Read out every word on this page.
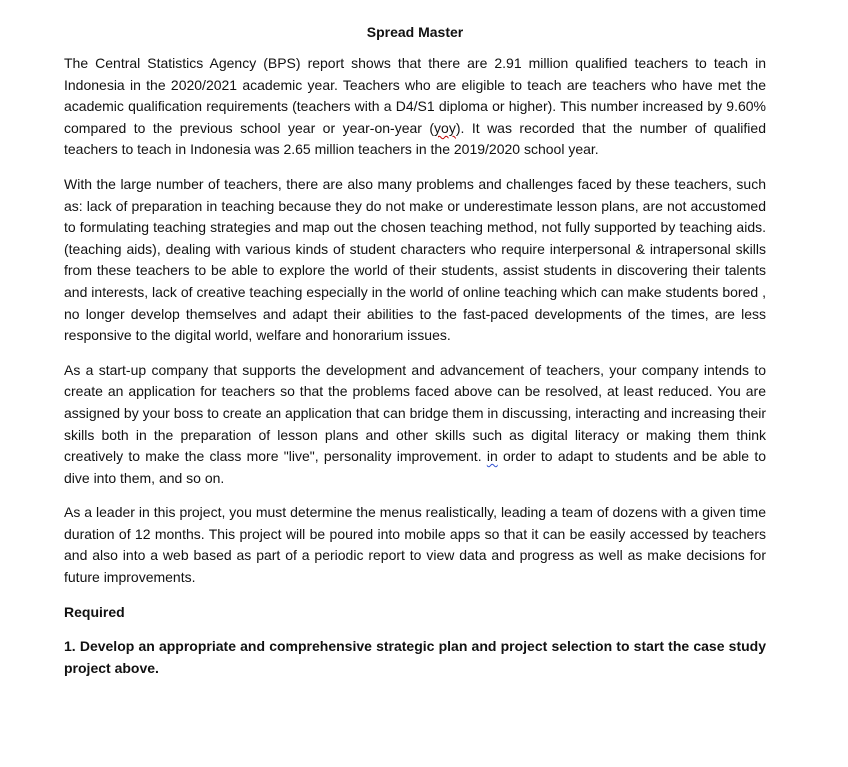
Spread Master

The Central Statistics Agency (BPS) report shows that there are 2.91 million qualified teachers to teach in Indonesia in the 2020/2021 academic year. Teachers who are eligible to teach are teachers who have met the academic qualification requirements (teachers with a D4/S1 diploma or higher). This number increased by 9.60% compared to the previous school year or year-on-year (yoy). It was recorded that the number of qualified teachers to teach in Indonesia was 2.65 million teachers in the 2019/2020 school year.

With the large number of teachers, there are also many problems and challenges faced by these teachers, such as: lack of preparation in teaching because they do not make or underestimate lesson plans, are not accustomed to formulating teaching strategies and map out the chosen teaching method, not fully supported by teaching aids. (teaching aids), dealing with various kinds of student characters who require interpersonal & intrapersonal skills from these teachers to be able to explore the world of their students, assist students in discovering their talents and interests, lack of creative teaching especially in the world of online teaching which can make students bored , no longer develop themselves and adapt their abilities to the fast-paced developments of the times, are less responsive to the digital world, welfare and honorarium issues.

As a start-up company that supports the development and advancement of teachers, your company intends to create an application for teachers so that the problems faced above can be resolved, at least reduced. You are assigned by your boss to create an application that can bridge them in discussing, interacting and increasing their skills both in the preparation of lesson plans and other skills such as digital literacy or making them think creatively to make the class more "live", personality improvement. in order to adapt to students and be able to dive into them, and so on.

As a leader in this project, you must determine the menus realistically, leading a team of dozens with a given time duration of 12 months. This project will be poured into mobile apps so that it can be easily accessed by teachers and also into a web based as part of a periodic report to view data and progress as well as make decisions for future improvements.

Required

1. Develop an appropriate and comprehensive strategic plan and project selection to start the case study project above.
